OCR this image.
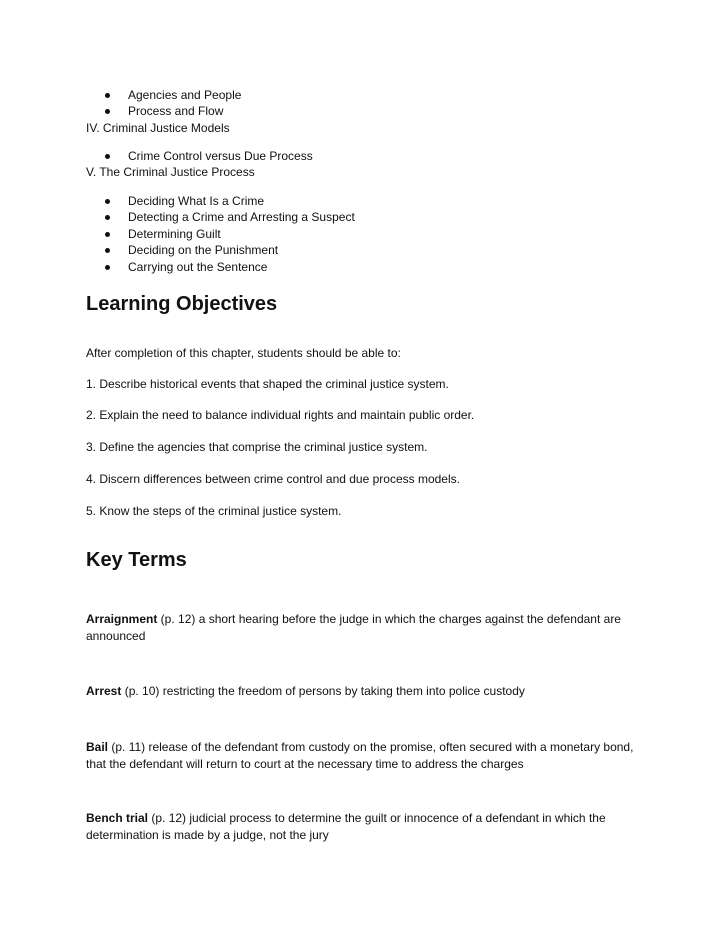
Agencies and People
Process and Flow
IV. Criminal Justice Models
Crime Control versus Due Process
V. The Criminal Justice Process
Deciding What Is a Crime
Detecting a Crime and Arresting a Suspect
Determining Guilt
Deciding on the Punishment
Carrying out the Sentence
Learning Objectives
After completion of this chapter, students should be able to:
1. Describe historical events that shaped the criminal justice system.
2. Explain the need to balance individual rights and maintain public order.
3. Define the agencies that comprise the criminal justice system.
4. Discern differences between crime control and due process models.
5. Know the steps of the criminal justice system.
Key Terms
Arraignment (p. 12) a short hearing before the judge in which the charges against the defendant are announced
Arrest (p. 10) restricting the freedom of persons by taking them into police custody
Bail (p. 11) release of the defendant from custody on the promise, often secured with a monetary bond, that the defendant will return to court at the necessary time to address the charges
Bench trial (p. 12) judicial process to determine the guilt or innocence of a defendant in which the determination is made by a judge, not the jury
